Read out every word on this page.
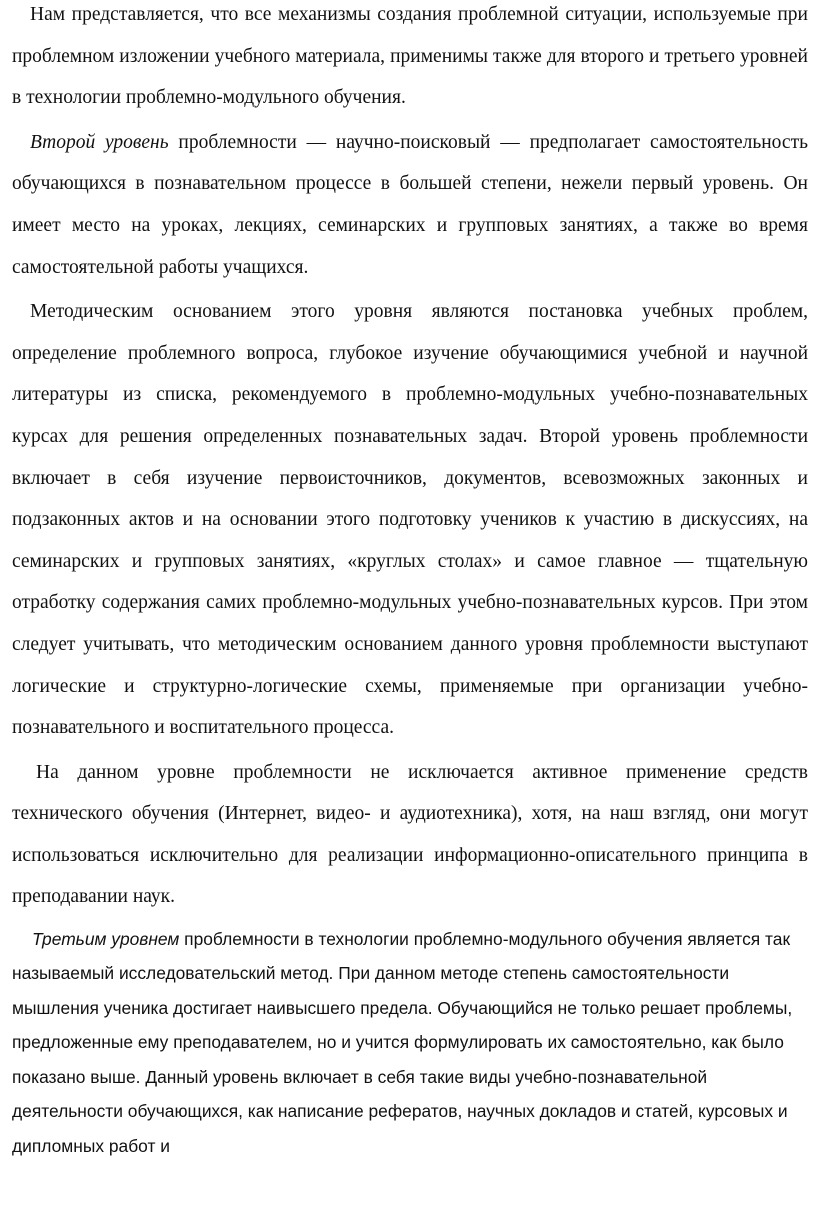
Нам представляется, что все механизмы создания проблемной ситуации, используемые при проблемном изложении учебного материала, применимы также для второго и третьего уровней в технологии проблемно-модульного обучения.

Второй уровень проблемности — научно-поисковый — предполагает самостоятельность обучающихся в познавательном процессе в большей степени, нежели первый уровень. Он имеет место на уроках, лекциях, семинарских и групповых занятиях, а также во время самостоятельной работы учащихся.

Методическим основанием этого уровня являются постановка учебных проблем, определение проблемного вопроса, глубокое изучение обучающимися учебной и научной литературы из списка, рекомендуемого в проблемно-модульных учебно-познавательных курсах для решения определенных познавательных задач. Второй уровень проблемности включает в себя изучение первоисточников, документов, всевозможных законных и подзаконных актов и на основании этого подготовку учеников к участию в дискуссиях, на семинарских и групповых занятиях, «круглых столах» и самое главное — тщательную отработку содержания самих проблемно-модульных учебно-познавательных курсов. При этом следует учитывать, что методическим основанием данного уровня проблемности выступают логические и структурно-логические схемы, применяемые при организации учебно-познавательного и воспитательного процесса.

На данном уровне проблемности не исключается активное применение средств технического обучения (Интернет, видео- и аудиотехника), хотя, на наш взгляд, они могут использоваться исключительно для реализации информационно-описательного принципа в преподавании наук.

Третьим уровнем проблемности в технологии проблемно-модульного обучения является так называемый исследовательский метод. При данном методе степень самостоятельности мышления ученика достигает наивысшего предела. Обучающийся не только решает проблемы, предложенные ему преподавателем, но и учится формулировать их самостоятельно, как было показано выше. Данный уровень включает в себя такие виды учебно-познавательной деятельности обучающихся, как написание рефератов, научных докладов и статей, курсовых и дипломных работ и
